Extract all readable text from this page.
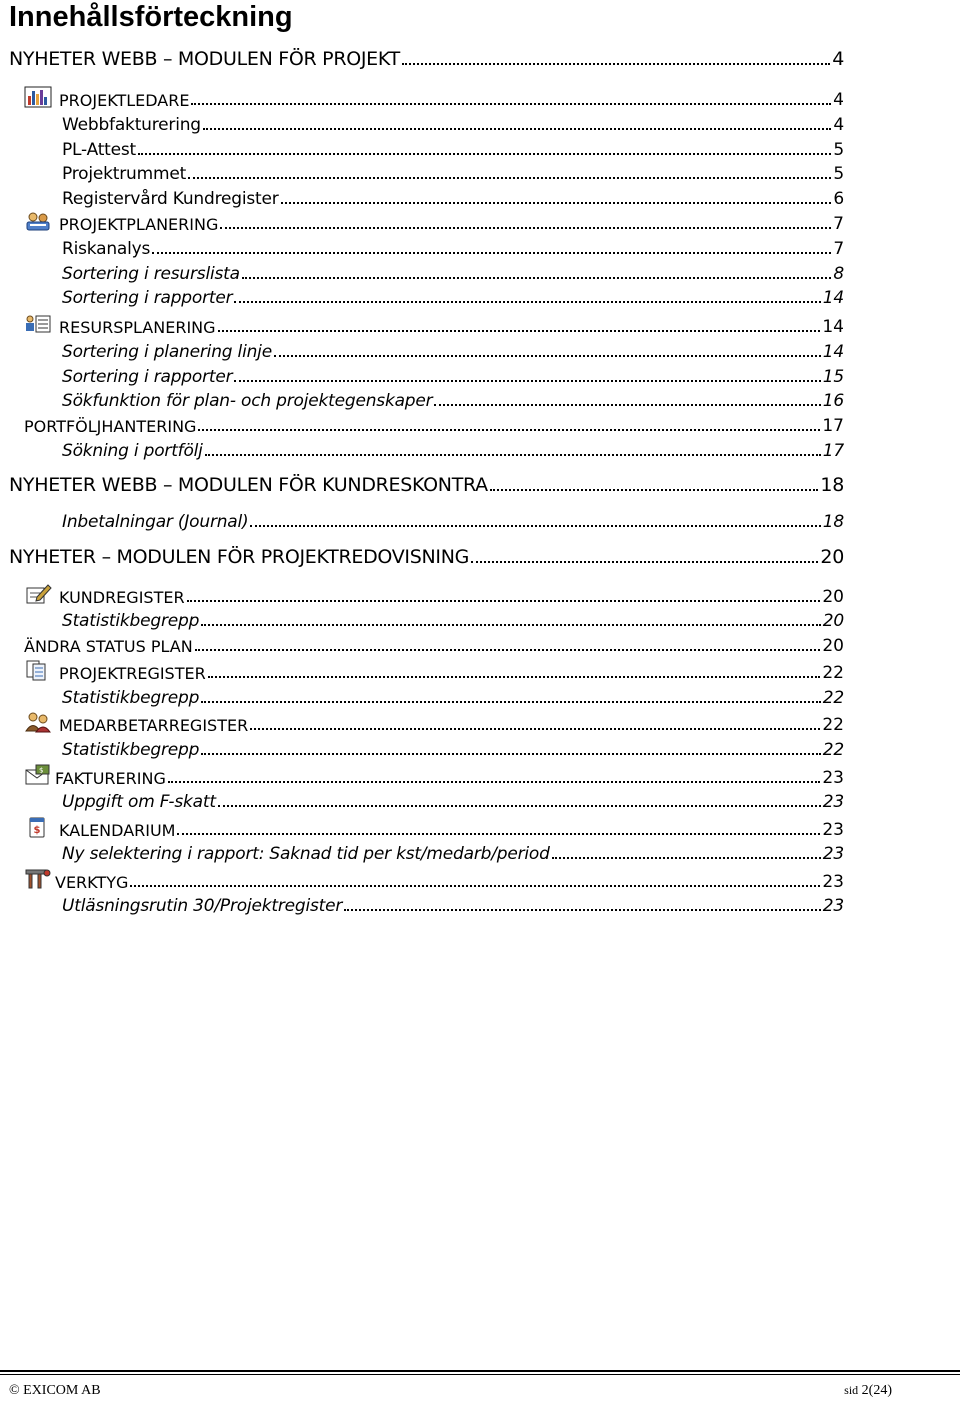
Innehållsförteckning
NYHETER WEBB – MODULEN FÖR PROJEKT	4
PROJEKTLEDARE	4
Webbfakturering	4
PL-Attest	5
Projektrummet	5
Registervård Kundregister	6
PROJEKTPLANERING	7
Riskanalys	7
Sortering i resurslista	8
Sortering i rapporter	14
RESURSPLANERING	14
Sortering i planering linje	14
Sortering i rapporter	15
Sökfunktion för plan- och projektegenskaper	16
PORTFÖLJHANTERING	17
Sökning i portfölj	17
NYHETER WEBB – MODULEN FÖR KUNDRESKONTRA	18
Inbetalningar (Journal)	18
NYHETER – MODULEN FÖR PROJEKTREDOVISNING	20
KUNDREGISTER	20
Statistikbegrepp	20
ÄNDRA STATUS PLAN	20
PROJEKTREGISTER	22
Statistikbegrepp	22
MEDARBETARREGISTER	22
Statistikbegrepp	22
$ FAKTURERING	23
Uppgift om F-skatt	23
$ KALENDARIUM	23
Ny selektering i rapport: Saknad tid per kst/medarb/period	23
VERKTYG	23
Utläsningsrutin 30/Projektregister	23
© EXICOM AB	sid 2(24)
